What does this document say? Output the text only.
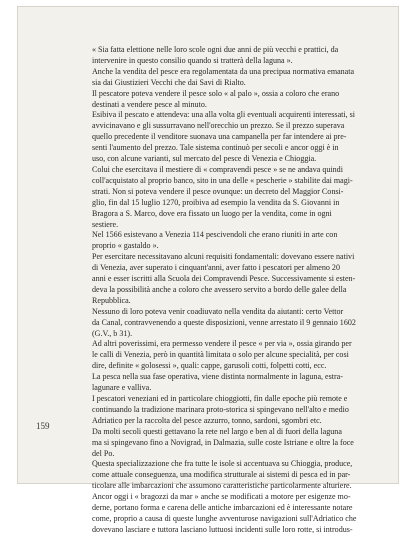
« Sia fatta elettione nelle loro scole ogni due anni de più vecchi e prattici, da
intervenire in questo consilio quando si tratterà della laguna ».
Anche la vendita del pesce era regolamentata da una precipua normativa emanata
sia dai Giustizieri Vecchi che dai Savi di Rialto.
Il pescatore poteva vendere il pesce solo « al palo », ossia a coloro che erano
destinati a vendere pesce al minuto.
Esibiva il pescato e attendeva: una alla volta gli eventuali acquirenti interessati, si
avvicinavano e gli sussurravano nell'orecchio un prezzo. Se il prezzo superava
quello precedente il venditore suonava una campanella per far intendere ai pre-
senti l'aumento del prezzo. Tale sistema continuò per secoli e ancor oggi è in
uso, con alcune varianti, sul mercato del pesce di Venezia e Chioggia.
Colui che esercitava il mestiere di « compravendi pesce » se ne andava quindi
coll'acquistato al proprio banco, sito in una delle « pescherie » stabilite dai magi-
strati. Non si poteva vendere il pesce ovunque: un decreto del Maggior Consi-
glio, fin dal 15 luglio 1270, proibiva ad esempio la vendita da S. Giovanni in
Bragora a S. Marco, dove era fissato un luogo per la vendita, come in ogni
sestiere.
Nel 1566 esistevano a Venezia 114 pescivendoli che erano riuniti in arte con
proprio « gastaldo ».
Per esercitare necessitavano alcuni requisiti fondamentali: dovevano essere nativi
di Venezia, aver superato i cinquant'anni, aver fatto i pescatori per almeno 20
anni e esser iscritti alla Scuola dei Compravendi Pesce. Successivamente si esten-
deva la possibilità anche a coloro che avessero servito a bordo delle galee della
Repubblica.
Nessuno di loro poteva venir coadiuvato nella vendita da aiutanti: certo Vettor
da Canal, contravvenendo a queste disposizioni, venne arrestato il 9 gennaio 1602
(G.V., b 31).
Ad altri poverissimi, era permesso vendere il pesce « per via », ossia girando per
le calli di Venezia, però in quantità limitata o solo per alcune specialità, per cosi
dire, definite « golosessi », quali: cappe, garusoli cotti, folpetti cotti, ecc.
La pesca nella sua fase operativa, viene distinta normalmente in laguna, estra-
lagunare e valliva.
I pescatori veneziani ed in particolare chioggiotti, fin dalle epoche più remote e
continuando la tradizione marinara proto-storica si spingevano nell'alto e medio
Adriatico per la raccolta del pesce azzurro, tonno, sardoni, sgombri etc.
Da molti secoli questi gettavano la rete nel largo e ben al di fuori della laguna
ma si spingevano fino a Novigrad, in Dalmazia, sulle coste Istriane e oltre la foce
del Po.
Questa specializzazione che fra tutte le isole si accentuava su Chioggia, produce,
come attuale conseguenza, una modifica strutturale ai sistemi di pesca ed in par-
ticolare alle imbarcazioni che assumono caratteristiche particolarmente alturiere.
Ancor oggi i « bragozzi da mar » anche se modificati a motore per esigenze mo-
derne, portano forma e carena delle antiche imbarcazioni ed è interessante notare
come, proprio a causa di queste lunghe avventurose navigazioni sull'Adriatico che
dovevano lasciare e tuttora lasciano luttuosi incidenti sulle loro rotte, si introdus-
159
